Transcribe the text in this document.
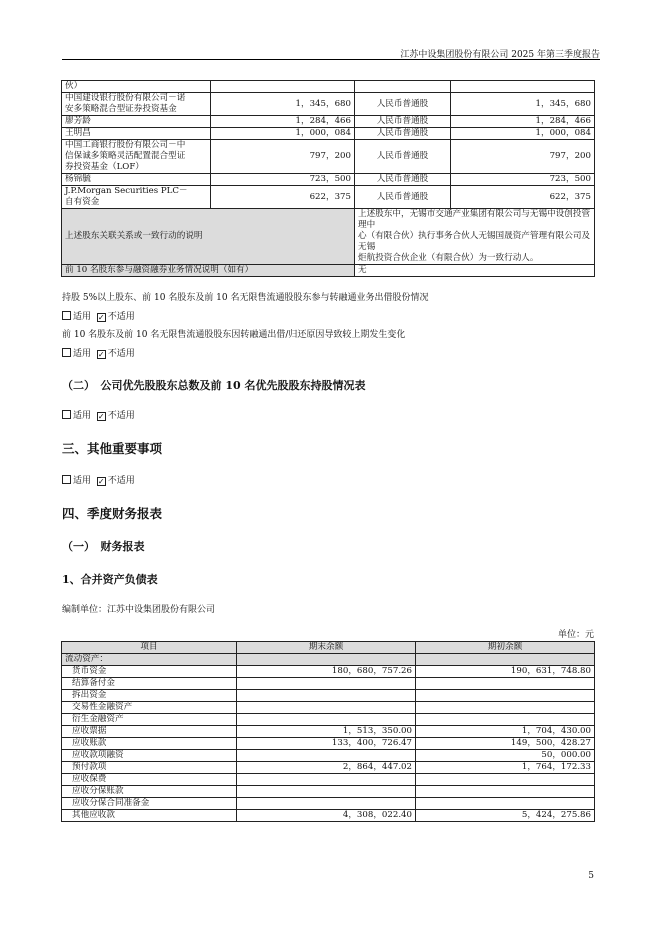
江苏中设集团股份有限公司 2025 年第三季度报告
伙）			

中国建设银行股份有限公司－诺
安多策略混合型证券投资基金	1，345，680	人民币普通股	1，345，680

廖芳龄	1，284，466	人民币普通股	1，284，466

王明昌	1，000，084	人民币普通股	1，000，084

中国工商银行股份有限公司－中
信保诚多策略灵活配置混合型证
券投资基金（LOF）	797，200	人民币普通股	797，200

杨锦毓	723，500	人民币普通股	723，500

J.P.Morgan Securities PLC－
自有资金	622，375	人民币普通股	622，375
上述股东关联关系或一致行动的说明		上述股东中，无锡市交通产业集团有限公司与无锡中设创投管理中
心（有限合伙）执行事务合伙人无锡国晟资产管理有限公司及无锡
炬航投资合伙企业（有限合伙）为一致行动人。	

前 10 名股东参与融资融券业务情况说明（如有）		无	
持股 5%以上股东、前 10 名股东及前 10 名无限售流通股股东参与转融通业务出借股份情况
适用 ✓ 不适用
前 10 名股东及前 10 名无限售流通股股东因转融通出借/归还原因导致较上期发生变化
适用 ✓ 不适用
（二）　公司优先股股东总数及前 10 名优先股股东持股情况表
适用 ✓ 不适用
三、其他重要事项
适用 ✓ 不适用
四、季度财务报表
（一）　财务报表
1、合并资产负债表
编制单位：江苏中设集团股份有限公司
单位：元
项目	期末余额	期初余额
流动资产：		
货币资金	180，680，757.26	190，631，748.80
结算备付金		
拆出资金		
交易性金融资产		
衍生金融资产		
应收票据	1，513，350.00	1，704，430.00
应收账款	133，400，726.47	149，500，428.27
应收款项融资		50，000.00
预付款项	2，864，447.02	1，764，172.33
应收保费		
应收分保账款		
应收分保合同准备金		
其他应收款	4，308，022.40	5，424，275.86
5
